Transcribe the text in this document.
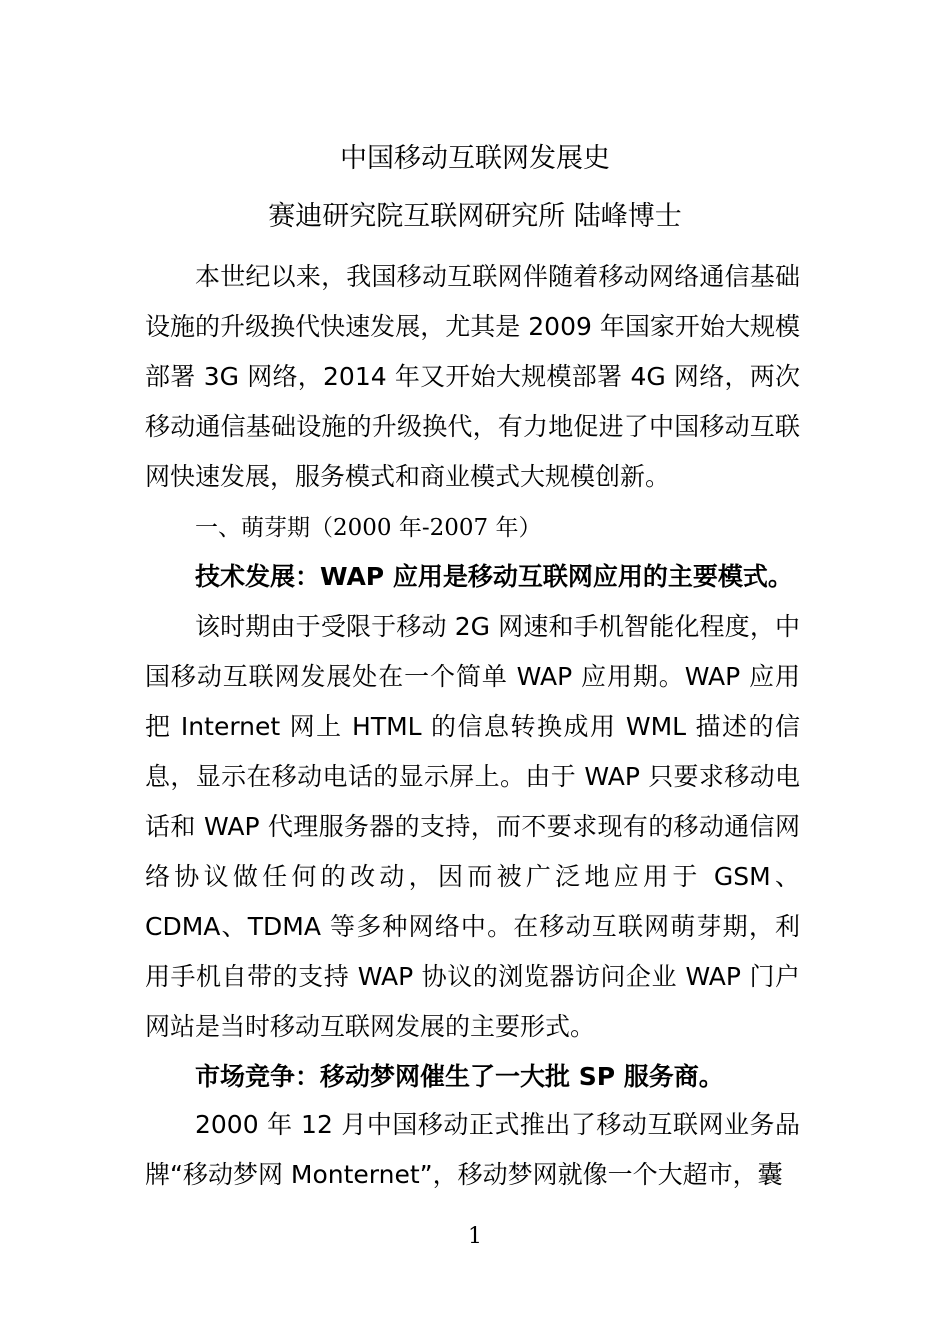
中国移动互联网发展史
赛迪研究院互联网研究所 陆峰博士

本世纪以来，我国移动互联网伴随着移动网络通信基础设施的升级换代快速发展，尤其是 2009 年国家开始大规模部署 3G 网络，2014 年又开始大规模部署 4G 网络，两次移动通信基础设施的升级换代，有力地促进了中国移动互联网快速发展，服务模式和商业模式大规模创新。

一、萌芽期（2000 年-2007 年）

技术发展：WAP 应用是移动互联网应用的主要模式。

该时期由于受限于移动 2G 网速和手机智能化程度，中国移动互联网发展处在一个简单 WAP 应用期。WAP 应用把 Internet 网上 HTML 的信息转换成用 WML 描述的信息，显示在移动电话的显示屏上。由于 WAP 只要求移动电话和 WAP 代理服务器的支持，而不要求现有的移动通信网络协议做任何的改动，因而被广泛地应用于 GSM、CDMA、TDMA 等多种网络中。在移动互联网萌芽期，利用手机自带的支持 WAP 协议的浏览器访问企业 WAP 门户网站是当时移动互联网发展的主要形式。

市场竞争：移动梦网催生了一大批 SP 服务商。

2000 年 12 月中国移动正式推出了移动互联网业务品牌“移动梦网 Monternet”，移动梦网就像一个大超市，囊

1
